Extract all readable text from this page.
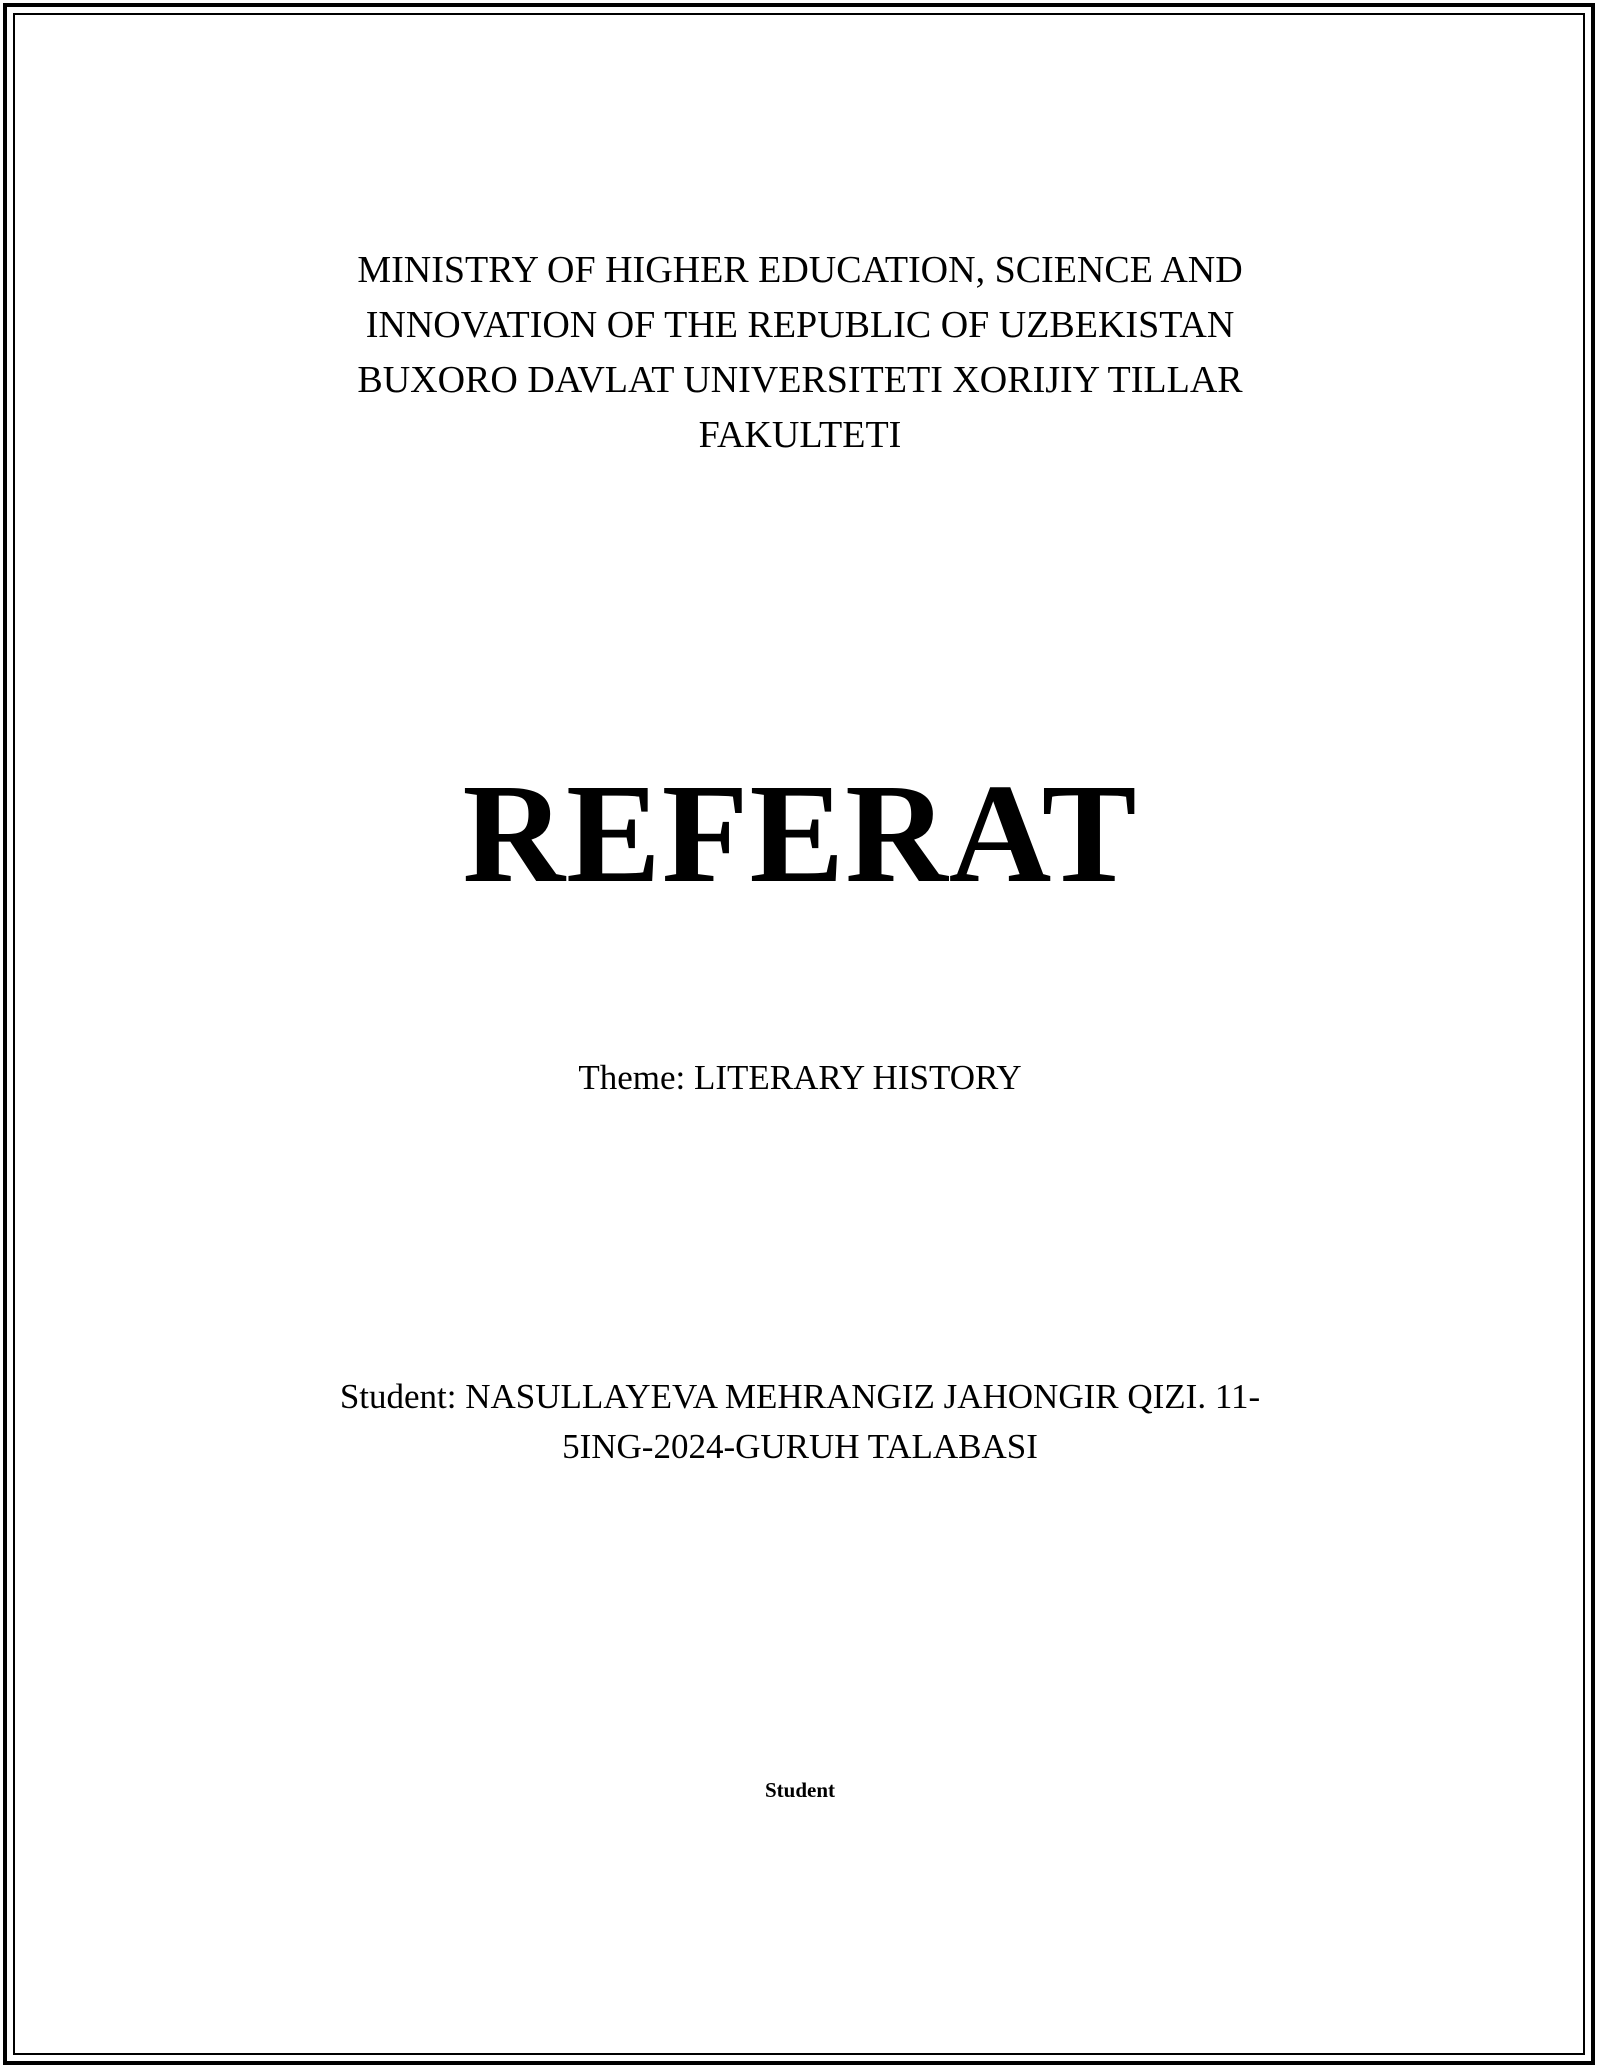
MINISTRY OF HIGHER EDUCATION, SCIENCE AND
INNOVATION OF THE REPUBLIC OF UZBEKISTAN
BUXORO DAVLAT UNIVERSITETI XORIJIY TILLAR
FAKULTETI
REFERAT
Theme: LITERARY HISTORY
Student: NASULLAYEVA MEHRANGIZ JAHONGIR QIZI. 11-
5ING-2024-GURUH TALABASI
Student
